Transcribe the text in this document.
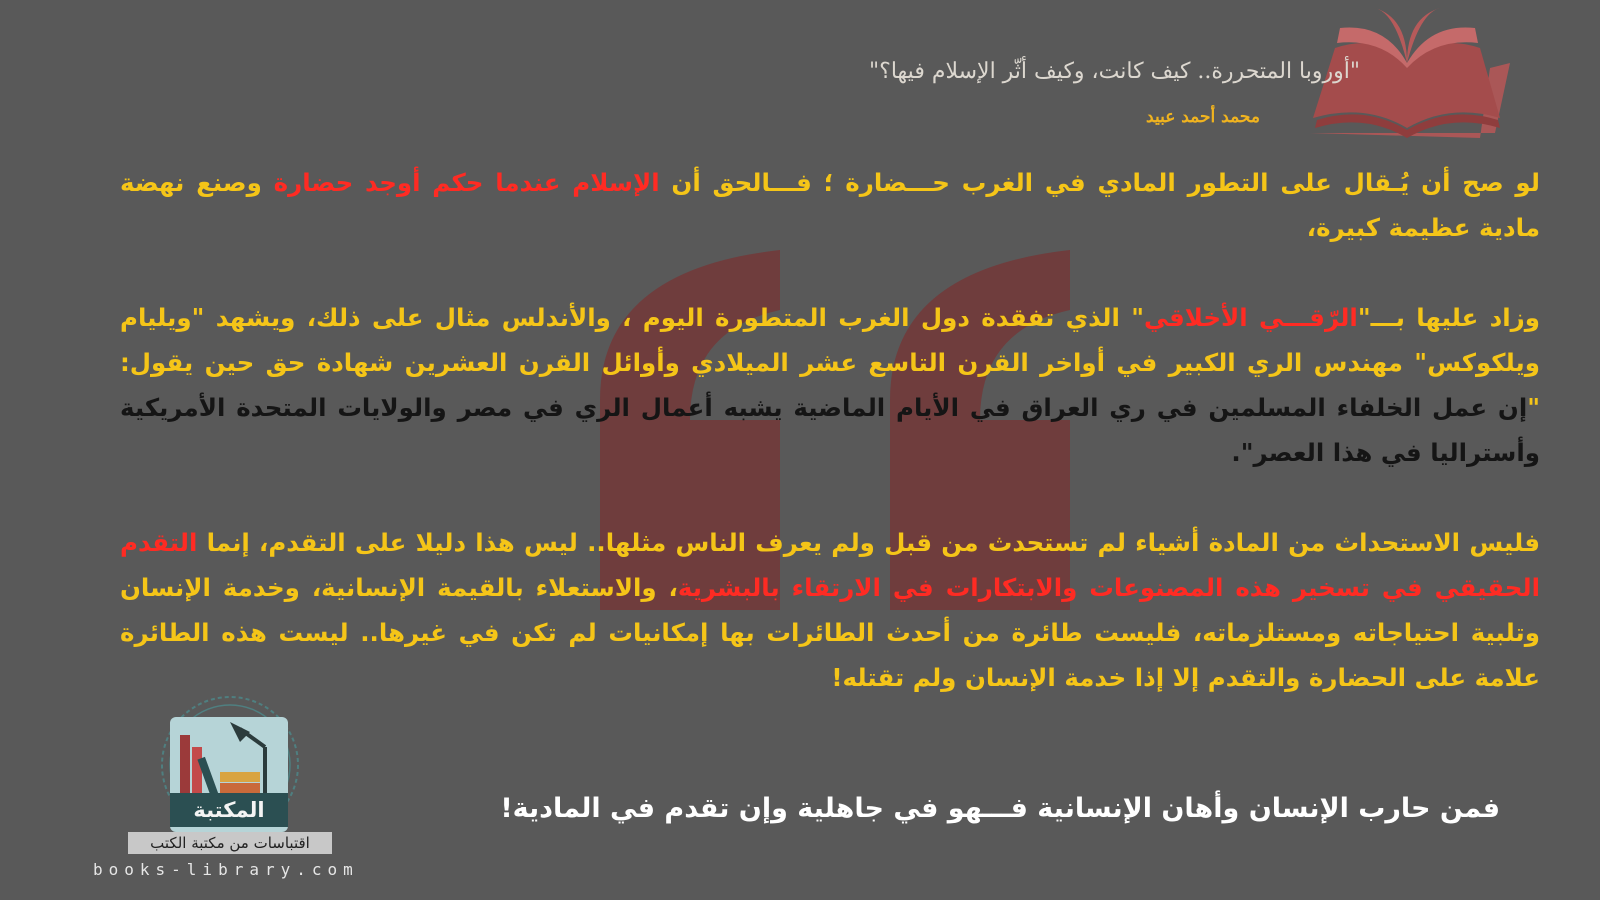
"أوروبا المتحررة.. كيف كانت، وكيف أثّر الإسلام فيها؟"
محمد أحمد عبيد

لو صح أن يُـقال على التطور المادي في الغرب حـــضارة ؛ فـــالحق أن الإسلام عندما حكم أوجد حضارة وصنع نهضة مادية عظيمة كبيرة،

وزاد عليها بـــ"الرّقـــي الأخلاقي" الذي تفقدة دول الغرب المتطورة اليوم ، والأندلس مثال على ذلك، ويشهد "ويليام ويلكوكس" مهندس الري الكبير في أواخر القرن التاسع عشر الميلادي وأوائل القرن العشرين شهادة حق حين يقول: "إن عمل الخلفاء المسلمين في ري العراق في الأيام الماضية يشبه أعمال الري في مصر والولايات المتحدة الأمريكية وأستراليا في هذا العصر".

فليس الاستحداث من المادة أشياء لم تستحدث من قبل ولم يعرف الناس مثلها.. ليس هذا دليلا على التقدم، إنما التقدم الحقيقي في تسخير هذه المصنوعات والابتكارات في الارتقاء بالبشرية، والاستعلاء بالقيمة الإنسانية، وخدمة الإنسان وتلبية احتياجاته ومستلزماته، فليست طائرة من أحدث الطائرات بها إمكانيات لم تكن في غيرها.. ليست هذه الطائرة علامة على الحضارة والتقدم إلا إذا خدمة الإنسان ولم تقتله!

فمن حارب الإنسان وأهان الإنسانية فـــهو في جاهلية وإن تقدم في المادية!
المكتبة
اقتباسات من مكتبة الكتب
books-library.com
